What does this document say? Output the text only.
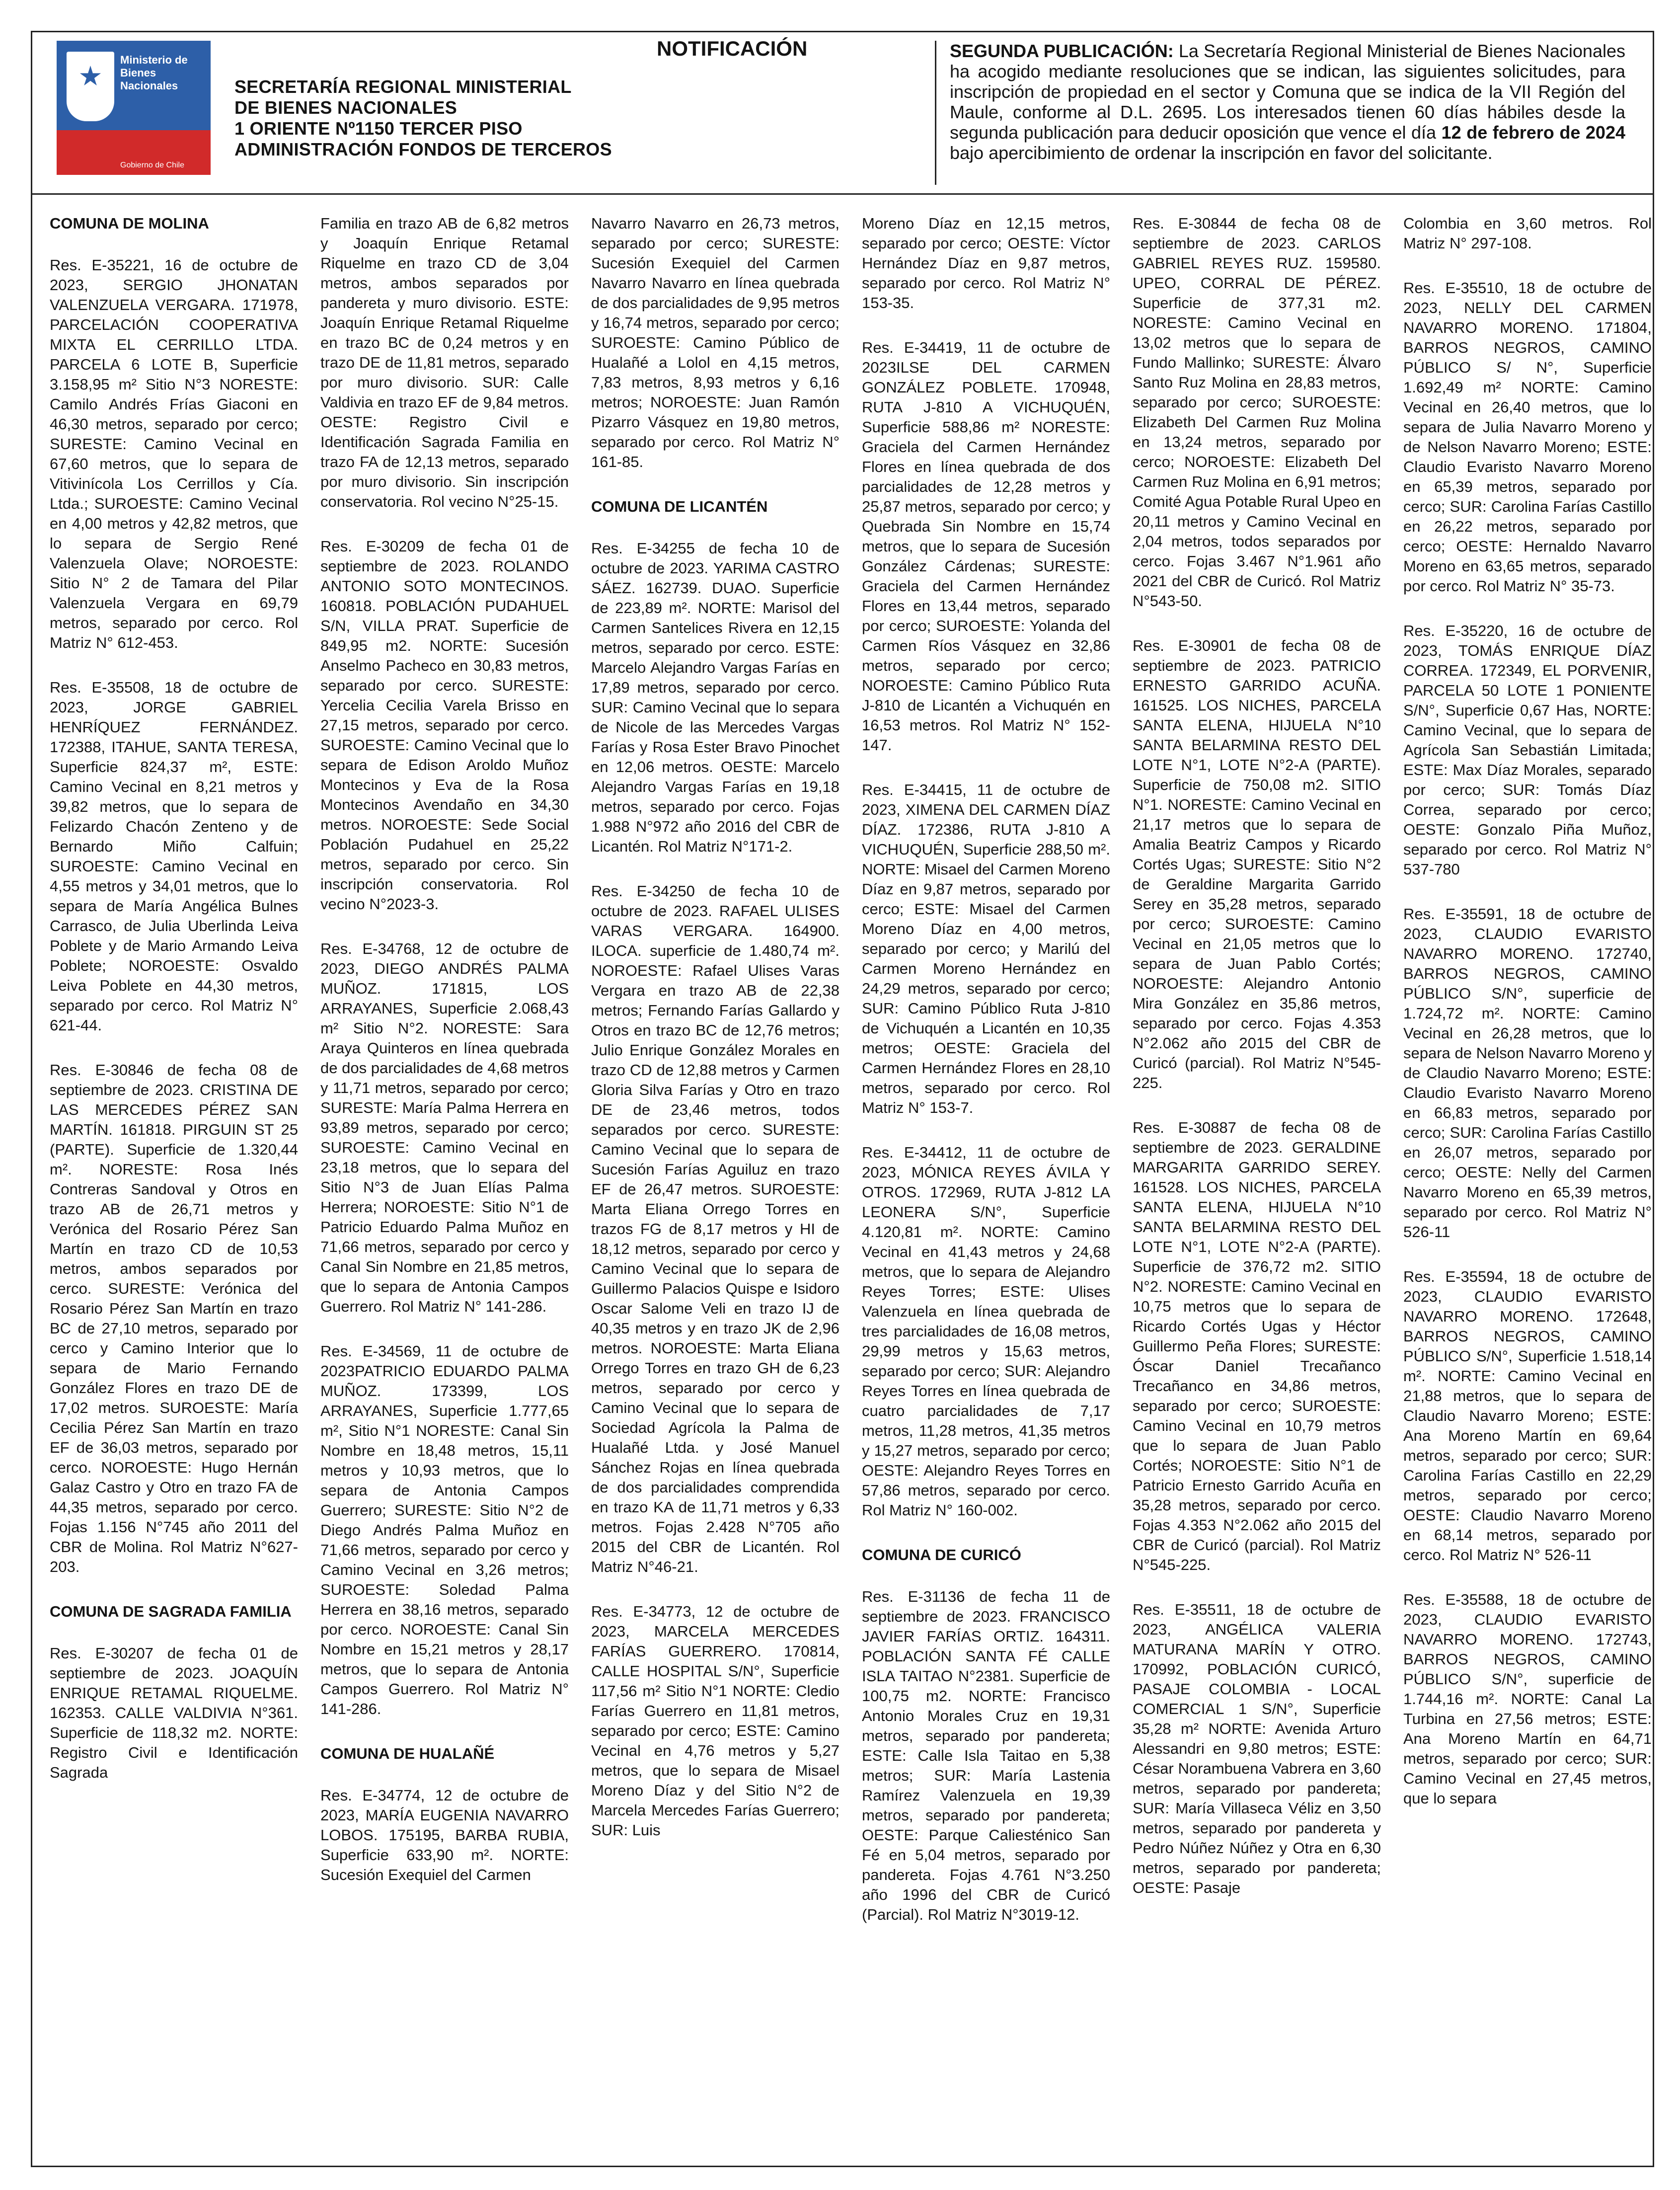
Ministerio de
Bienes
Nacionales
Gobierno de Chile
SECRETARÍA REGIONAL MINISTERIAL
DE BIENES NACIONALES
1 ORIENTE Nº1150 TERCER PISO
ADMINISTRACIÓN FONDOS DE TERCEROS
NOTIFICACIÓN	SEGUNDA PUBLICACIÓN: La Secretaría Regional Ministerial de Bienes Nacionales ha acogido mediante resoluciones que se indican, las siguientes solicitudes, para inscripción de propiedad en el sector y Comuna que se indica de la VII Región del Maule, conforme al D.L. 2695. Los interesados tienen 60 días hábiles desde la segunda publicación para deducir oposición que vence el día 12 de febrero de 2024 bajo apercibimiento de ordenar la inscripción en favor del solicitante.

COMUNA DE MOLINA

Res. E-35221, 16 de octubre de 2023, SERGIO JHONATAN VALENZUELA VERGARA. 171978, PARCELACIÓN COOPERATIVA MIXTA EL CERRILLO LTDA. PARCELA 6 LOTE B, Superficie 3.158,95 m² Sitio N°3 NORESTE: Camilo Andrés Frías Giaconi en 46,30 metros, separado por cerco; SURESTE: Camino Vecinal en 67,60 metros, que lo separa de Vitivinícola Los Cerrillos y Cía. Ltda.; SUROESTE: Camino Vecinal en 4,00 metros y 42,82 metros, que lo separa de Sergio René Valenzuela Olave; NOROESTE: Sitio N° 2 de Tamara del Pilar Valenzuela Vergara en 69,79 metros, separado por cerco. Rol Matriz N° 612-453.

Res. E-35508, 18 de octubre de 2023, JORGE GABRIEL HENRÍQUEZ FERNÁNDEZ. 172388, ITAHUE, SANTA TERESA, Superficie 824,37 m², ESTE: Camino Vecinal en 8,21 metros y 39,82 metros, que lo separa de Felizardo Chacón Zenteno y de Bernardo Miño Calfuin; SUROESTE: Camino Vecinal en 4,55 metros y 34,01 metros, que lo separa de María Angélica Bulnes Carrasco, de Julia Uberlinda Leiva Poblete y de Mario Armando Leiva Poblete; NOROESTE: Osvaldo Leiva Poblete en 44,30 metros, separado por cerco. Rol Matriz N° 621-44.

Res. E-30846 de fecha 08 de septiembre de 2023. CRISTINA DE LAS MERCEDES PÉREZ SAN MARTÍN. 161818. PIRGUIN ST 25 (PARTE). Superficie de 1.320,44 m². NORESTE: Rosa Inés Contreras Sandoval y Otros en trazo AB de 26,71 metros y Verónica del Rosario Pérez San Martín en trazo CD de 10,53 metros, ambos separados por cerco. SURESTE: Verónica del Rosario Pérez San Martín en trazo BC de 27,10 metros, separado por cerco y Camino Interior que lo separa de Mario Fernando González Flores en trazo DE de 17,02 metros. SUROESTE: María Cecilia Pérez San Martín en trazo EF de 36,03 metros, separado por cerco. NOROESTE: Hugo Hernán Galaz Castro y Otro en trazo FA de 44,35 metros, separado por cerco. Fojas 1.156 N°745 año 2011 del CBR de Molina. Rol Matriz N°627-203.

COMUNA DE SAGRADA FAMILIA

Res. E-30207 de fecha 01 de septiembre de 2023. JOAQUÍN ENRIQUE RETAMAL RIQUELME. 162353. CALLE VALDIVIA N°361. Superficie de 118,32 m2. NORTE: Registro Civil e Identificación Sagrada

Familia en trazo AB de 6,82 metros y Joaquín Enrique Retamal Riquelme en trazo CD de 3,04 metros, ambos separados por pandereta y muro divisorio. ESTE: Joaquín Enrique Retamal Riquelme en trazo BC de 0,24 metros y en trazo DE de 11,81 metros, separado por muro divisorio. SUR: Calle Valdivia en trazo EF de 9,84 metros. OESTE: Registro Civil e Identificación Sagrada Familia en trazo FA de 12,13 metros, separado por muro divisorio. Sin inscripción conservatoria. Rol vecino N°25-15.

Res. E-30209 de fecha 01 de septiembre de 2023. ROLANDO ANTONIO SOTO MONTECINOS. 160818. POBLACIÓN PUDAHUEL S/N, VILLA PRAT. Superficie de 849,95 m2. NORTE: Sucesión Anselmo Pacheco en 30,83 metros, separado por cerco. SURESTE: Yercelia Cecilia Varela Brisso en 27,15 metros, separado por cerco. SUROESTE: Camino Vecinal que lo separa de Edison Aroldo Muñoz Montecinos y Eva de la Rosa Montecinos Avendaño en 34,30 metros. NOROESTE: Sede Social Población Pudahuel en 25,22 metros, separado por cerco. Sin inscripción conservatoria. Rol vecino N°2023-3.

Res. E-34768, 12 de octubre de 2023, DIEGO ANDRÉS PALMA MUÑOZ. 171815, LOS ARRAYANES, Superficie 2.068,43 m² Sitio N°2. NORESTE: Sara Araya Quinteros en línea quebrada de dos parcialidades de 4,68 metros y 11,71 metros, separado por cerco; SURESTE: María Palma Herrera en 93,89 metros, separado por cerco; SUROESTE: Camino Vecinal en 23,18 metros, que lo separa del Sitio N°3 de Juan Elías Palma Herrera; NOROESTE: Sitio N°1 de Patricio Eduardo Palma Muñoz en 71,66 metros, separado por cerco y Canal Sin Nombre en 21,85 metros, que lo separa de Antonia Campos Guerrero. Rol Matriz N° 141-286.

Res. E-34569, 11 de octubre de 2023PATRICIO EDUARDO PALMA MUÑOZ. 173399, LOS ARRAYANES, Superficie 1.777,65 m², Sitio N°1 NORESTE: Canal Sin Nombre en 18,48 metros, 15,11 metros y 10,93 metros, que lo separa de Antonia Campos Guerrero; SURESTE: Sitio N°2 de Diego Andrés Palma Muñoz en 71,66 metros, separado por cerco y Camino Vecinal en 3,26 metros; SUROESTE: Soledad Palma Herrera en 38,16 metros, separado por cerco. NOROESTE: Canal Sin Nombre en 15,21 metros y 28,17 metros, que lo separa de Antonia Campos Guerrero. Rol Matriz N° 141-286.

COMUNA DE HUALAÑÉ

Res. E-34774, 12 de octubre de 2023, MARÍA EUGENIA NAVARRO LOBOS. 175195, BARBA RUBIA, Superficie 633,90 m². NORTE: Sucesión Exequiel del Carmen

Navarro Navarro en 26,73 metros, separado por cerco; SURESTE: Sucesión Exequiel del Carmen Navarro Navarro en línea quebrada de dos parcialidades de 9,95 metros y 16,74 metros, separado por cerco; SUROESTE: Camino Público de Hualañé a Lolol en 4,15 metros, 7,83 metros, 8,93 metros y 6,16 metros; NOROESTE: Juan Ramón Pizarro Vásquez en 19,80 metros, separado por cerco. Rol Matriz N° 161-85.

COMUNA DE LICANTÉN

Res. E-34255 de fecha 10 de octubre de 2023. YARIMA CASTRO SÁEZ. 162739. DUAO. Superficie de 223,89 m². NORTE: Marisol del Carmen Santelices Rivera en 12,15 metros, separado por cerco. ESTE: Marcelo Alejandro Vargas Farías en 17,89 metros, separado por cerco. SUR: Camino Vecinal que lo separa de Nicole de las Mercedes Vargas Farías y Rosa Ester Bravo Pinochet en 12,06 metros. OESTE: Marcelo Alejandro Vargas Farías en 19,18 metros, separado por cerco. Fojas 1.988 N°972 año 2016 del CBR de Licantén. Rol Matriz N°171-2.

Res. E-34250 de fecha 10 de octubre de 2023. RAFAEL ULISES VARAS VERGARA. 164900. ILOCA. superficie de 1.480,74 m². NOROESTE: Rafael Ulises Varas Vergara en trazo AB de 22,38 metros; Fernando Farías Gallardo y Otros en trazo BC de 12,76 metros; Julio Enrique González Morales en trazo CD de 12,88 metros y Carmen Gloria Silva Farías y Otro en trazo DE de 23,46 metros, todos separados por cerco. SURESTE: Camino Vecinal que lo separa de Sucesión Farías Aguiluz en trazo EF de 26,47 metros. SUROESTE: Marta Eliana Orrego Torres en trazos FG de 8,17 metros y HI de 18,12 metros, separado por cerco y Camino Vecinal que lo separa de Guillermo Palacios Quispe e Isidoro Oscar Salome Veli en trazo IJ de 40,35 metros y en trazo JK de 2,96 metros. NOROESTE: Marta Eliana Orrego Torres en trazo GH de 6,23 metros, separado por cerco y Camino Vecinal que lo separa de Sociedad Agrícola la Palma de Hualañé Ltda. y José Manuel Sánchez Rojas en línea quebrada de dos parcialidades comprendida en trazo KA de 11,71 metros y 6,33 metros. Fojas 2.428 N°705 año 2015 del CBR de Licantén. Rol Matriz N°46-21.

Res. E-34773, 12 de octubre de 2023, MARCELA MERCEDES FARÍAS GUERRERO. 170814, CALLE HOSPITAL S/N°, Superficie 117,56 m² Sitio N°1 NORTE: Cledio Farías Guerrero en 11,81 metros, separado por cerco; ESTE: Camino Vecinal en 4,76 metros y 5,27 metros, que lo separa de Misael Moreno Díaz y del Sitio N°2 de Marcela Mercedes Farías Guerrero; SUR: Luis

Moreno Díaz en 12,15 metros, separado por cerco; OESTE: Víctor Hernández Díaz en 9,87 metros, separado por cerco. Rol Matriz N° 153-35.

Res. E-34419, 11 de octubre de 2023ILSE DEL CARMEN GONZÁLEZ POBLETE. 170948, RUTA J-810 A VICHUQUÉN, Superficie 588,86 m² NORESTE: Graciela del Carmen Hernández Flores en línea quebrada de dos parcialidades de 12,28 metros y 25,87 metros, separado por cerco; y Quebrada Sin Nombre en 15,74 metros, que lo separa de Sucesión González Cárdenas; SURESTE: Graciela del Carmen Hernández Flores en 13,44 metros, separado por cerco; SUROESTE: Yolanda del Carmen Ríos Vásquez en 32,86 metros, separado por cerco; NOROESTE: Camino Público Ruta J-810 de Licantén a Vichuquén en 16,53 metros. Rol Matriz N° 152-147.

Res. E-34415, 11 de octubre de 2023, XIMENA DEL CARMEN DÍAZ DÍAZ. 172386, RUTA J-810 A VICHUQUÉN, Superficie 288,50 m². NORTE: Misael del Carmen Moreno Díaz en 9,87 metros, separado por cerco; ESTE: Misael del Carmen Moreno Díaz en 4,00 metros, separado por cerco; y Marilú del Carmen Moreno Hernández en 24,29 metros, separado por cerco; SUR: Camino Público Ruta J-810 de Vichuquén a Licantén en 10,35 metros; OESTE: Graciela del Carmen Hernández Flores en 28,10 metros, separado por cerco. Rol Matriz N° 153-7.

Res. E-34412, 11 de octubre de 2023, MÓNICA REYES ÁVILA Y OTROS. 172969, RUTA J-812 LA LEONERA S/N°, Superficie 4.120,81 m². NORTE: Camino Vecinal en 41,43 metros y 24,68 metros, que lo separa de Alejandro Reyes Torres; ESTE: Ulises Valenzuela en línea quebrada de tres parcialidades de 16,08 metros, 29,99 metros y 15,63 metros, separado por cerco; SUR: Alejandro Reyes Torres en línea quebrada de cuatro parcialidades de 7,17 metros, 11,28 metros, 41,35 metros y 15,27 metros, separado por cerco; OESTE: Alejandro Reyes Torres en 57,86 metros, separado por cerco. Rol Matriz N° 160-002.

COMUNA DE CURICÓ

Res. E-31136 de fecha 11 de septiembre de 2023. FRANCISCO JAVIER FARÍAS ORTIZ. 164311. POBLACIÓN SANTA FÉ CALLE ISLA TAITAO N°2381. Superficie de 100,75 m2. NORTE: Francisco Antonio Morales Cruz en 19,31 metros, separado por pandereta; ESTE: Calle Isla Taitao en 5,38 metros; SUR: María Lastenia Ramírez Valenzuela en 19,39 metros, separado por pandereta; OESTE: Parque Caliesténico San Fé en 5,04 metros, separado por pandereta. Fojas 4.761 N°3.250 año 1996 del CBR de Curicó (Parcial). Rol Matriz N°3019-12.

Res. E-30844 de fecha 08 de septiembre de 2023. CARLOS GABRIEL REYES RUZ. 159580. UPEO, CORRAL DE PÉREZ. Superficie de 377,31 m2. NORESTE: Camino Vecinal en 13,02 metros que lo separa de Fundo Mallinko; SURESTE: Álvaro Santo Ruz Molina en 28,83 metros, separado por cerco; SUROESTE: Elizabeth Del Carmen Ruz Molina en 13,24 metros, separado por cerco; NOROESTE: Elizabeth Del Carmen Ruz Molina en 6,91 metros; Comité Agua Potable Rural Upeo en 20,11 metros y Camino Vecinal en 2,04 metros, todos separados por cerco. Fojas 3.467 N°1.961 año 2021 del CBR de Curicó. Rol Matriz N°543-50.

Res. E-30901 de fecha 08 de septiembre de 2023. PATRICIO ERNESTO GARRIDO ACUÑA. 161525. LOS NICHES, PARCELA SANTA ELENA, HIJUELA N°10 SANTA BELARMINA RESTO DEL LOTE N°1, LOTE N°2-A (PARTE). Superficie de 750,08 m2. SITIO N°1. NORESTE: Camino Vecinal en 21,17 metros que lo separa de Amalia Beatriz Campos y Ricardo Cortés Ugas; SURESTE: Sitio N°2 de Geraldine Margarita Garrido Serey en 35,28 metros, separado por cerco; SUROESTE: Camino Vecinal en 21,05 metros que lo separa de Juan Pablo Cortés; NOROESTE: Alejandro Antonio Mira González en 35,86 metros, separado por cerco. Fojas 4.353 N°2.062 año 2015 del CBR de Curicó (parcial). Rol Matriz N°545-225.

Res. E-30887 de fecha 08 de septiembre de 2023. GERALDINE MARGARITA GARRIDO SEREY. 161528. LOS NICHES, PARCELA SANTA ELENA, HIJUELA N°10 SANTA BELARMINA RESTO DEL LOTE N°1, LOTE N°2-A (PARTE). Superficie de 376,72 m2. SITIO N°2. NORESTE: Camino Vecinal en 10,75 metros que lo separa de Ricardo Cortés Ugas y Héctor Guillermo Peña Flores; SURESTE: Óscar Daniel Trecañanco Trecañanco en 34,86 metros, separado por cerco; SUROESTE: Camino Vecinal en 10,79 metros que lo separa de Juan Pablo Cortés; NOROESTE: Sitio N°1 de Patricio Ernesto Garrido Acuña en 35,28 metros, separado por cerco. Fojas 4.353 N°2.062 año 2015 del CBR de Curicó (parcial). Rol Matriz N°545-225.

Res. E-35511, 18 de octubre de 2023, ANGÉLICA VALERIA MATURANA MARÍN Y OTRO. 170992, POBLACIÓN CURICÓ, PASAJE COLOMBIA - LOCAL COMERCIAL 1 S/N°, Superficie 35,28 m² NORTE: Avenida Arturo Alessandri en 9,80 metros; ESTE: César Norambuena Vabrera en 3,60 metros, separado por pandereta; SUR: María Villaseca Véliz en 3,50 metros, separado por pandereta y Pedro Núñez Núñez y Otra en 6,30 metros, separado por pandereta; OESTE: Pasaje

Colombia en 3,60 metros. Rol Matriz N° 297-108.

Res. E-35510, 18 de octubre de 2023, NELLY DEL CARMEN NAVARRO MORENO. 171804, BARROS NEGROS, CAMINO PÚBLICO S/ N°, Superficie 1.692,49 m² NORTE: Camino Vecinal en 26,40 metros, que lo separa de Julia Navarro Moreno y de Nelson Navarro Moreno; ESTE: Claudio Evaristo Navarro Moreno en 65,39 metros, separado por cerco; SUR: Carolina Farías Castillo en 26,22 metros, separado por cerco; OESTE: Hernaldo Navarro Moreno en 63,65 metros, separado por cerco. Rol Matriz N° 35-73.

Res. E-35220, 16 de octubre de 2023, TOMÁS ENRIQUE DÍAZ CORREA. 172349, EL PORVENIR, PARCELA 50 LOTE 1 PONIENTE S/N°, Superficie 0,67 Has, NORTE: Camino Vecinal, que lo separa de Agrícola San Sebastián Limitada; ESTE: Max Díaz Morales, separado por cerco; SUR: Tomás Díaz Correa, separado por cerco; OESTE: Gonzalo Piña Muñoz, separado por cerco. Rol Matriz N° 537-780

Res. E-35591, 18 de octubre de 2023, CLAUDIO EVARISTO NAVARRO MORENO. 172740, BARROS NEGROS, CAMINO PÚBLICO S/N°, superficie de 1.724,72 m². NORTE: Camino Vecinal en 26,28 metros, que lo separa de Nelson Navarro Moreno y de Claudio Navarro Moreno; ESTE: Claudio Evaristo Navarro Moreno en 66,83 metros, separado por cerco; SUR: Carolina Farías Castillo en 26,07 metros, separado por cerco; OESTE: Nelly del Carmen Navarro Moreno en 65,39 metros, separado por cerco. Rol Matriz N° 526-11

Res. E-35594, 18 de octubre de 2023, CLAUDIO EVARISTO NAVARRO MORENO. 172648, BARROS NEGROS, CAMINO PÚBLICO S/N°, Superficie 1.518,14 m². NORTE: Camino Vecinal en 21,88 metros, que lo separa de Claudio Navarro Moreno; ESTE: Ana Moreno Martín en 69,64 metros, separado por cerco; SUR: Carolina Farías Castillo en 22,29 metros, separado por cerco; OESTE: Claudio Navarro Moreno en 68,14 metros, separado por cerco. Rol Matriz N° 526-11

Res. E-35588, 18 de octubre de 2023, CLAUDIO EVARISTO NAVARRO MORENO. 172743, BARROS NEGROS, CAMINO PÚBLICO S/N°, superficie de 1.744,16 m². NORTE: Canal La Turbina en 27,56 metros; ESTE: Ana Moreno Martín en 64,71 metros, separado por cerco; SUR: Camino Vecinal en 27,45 metros, que lo separa
